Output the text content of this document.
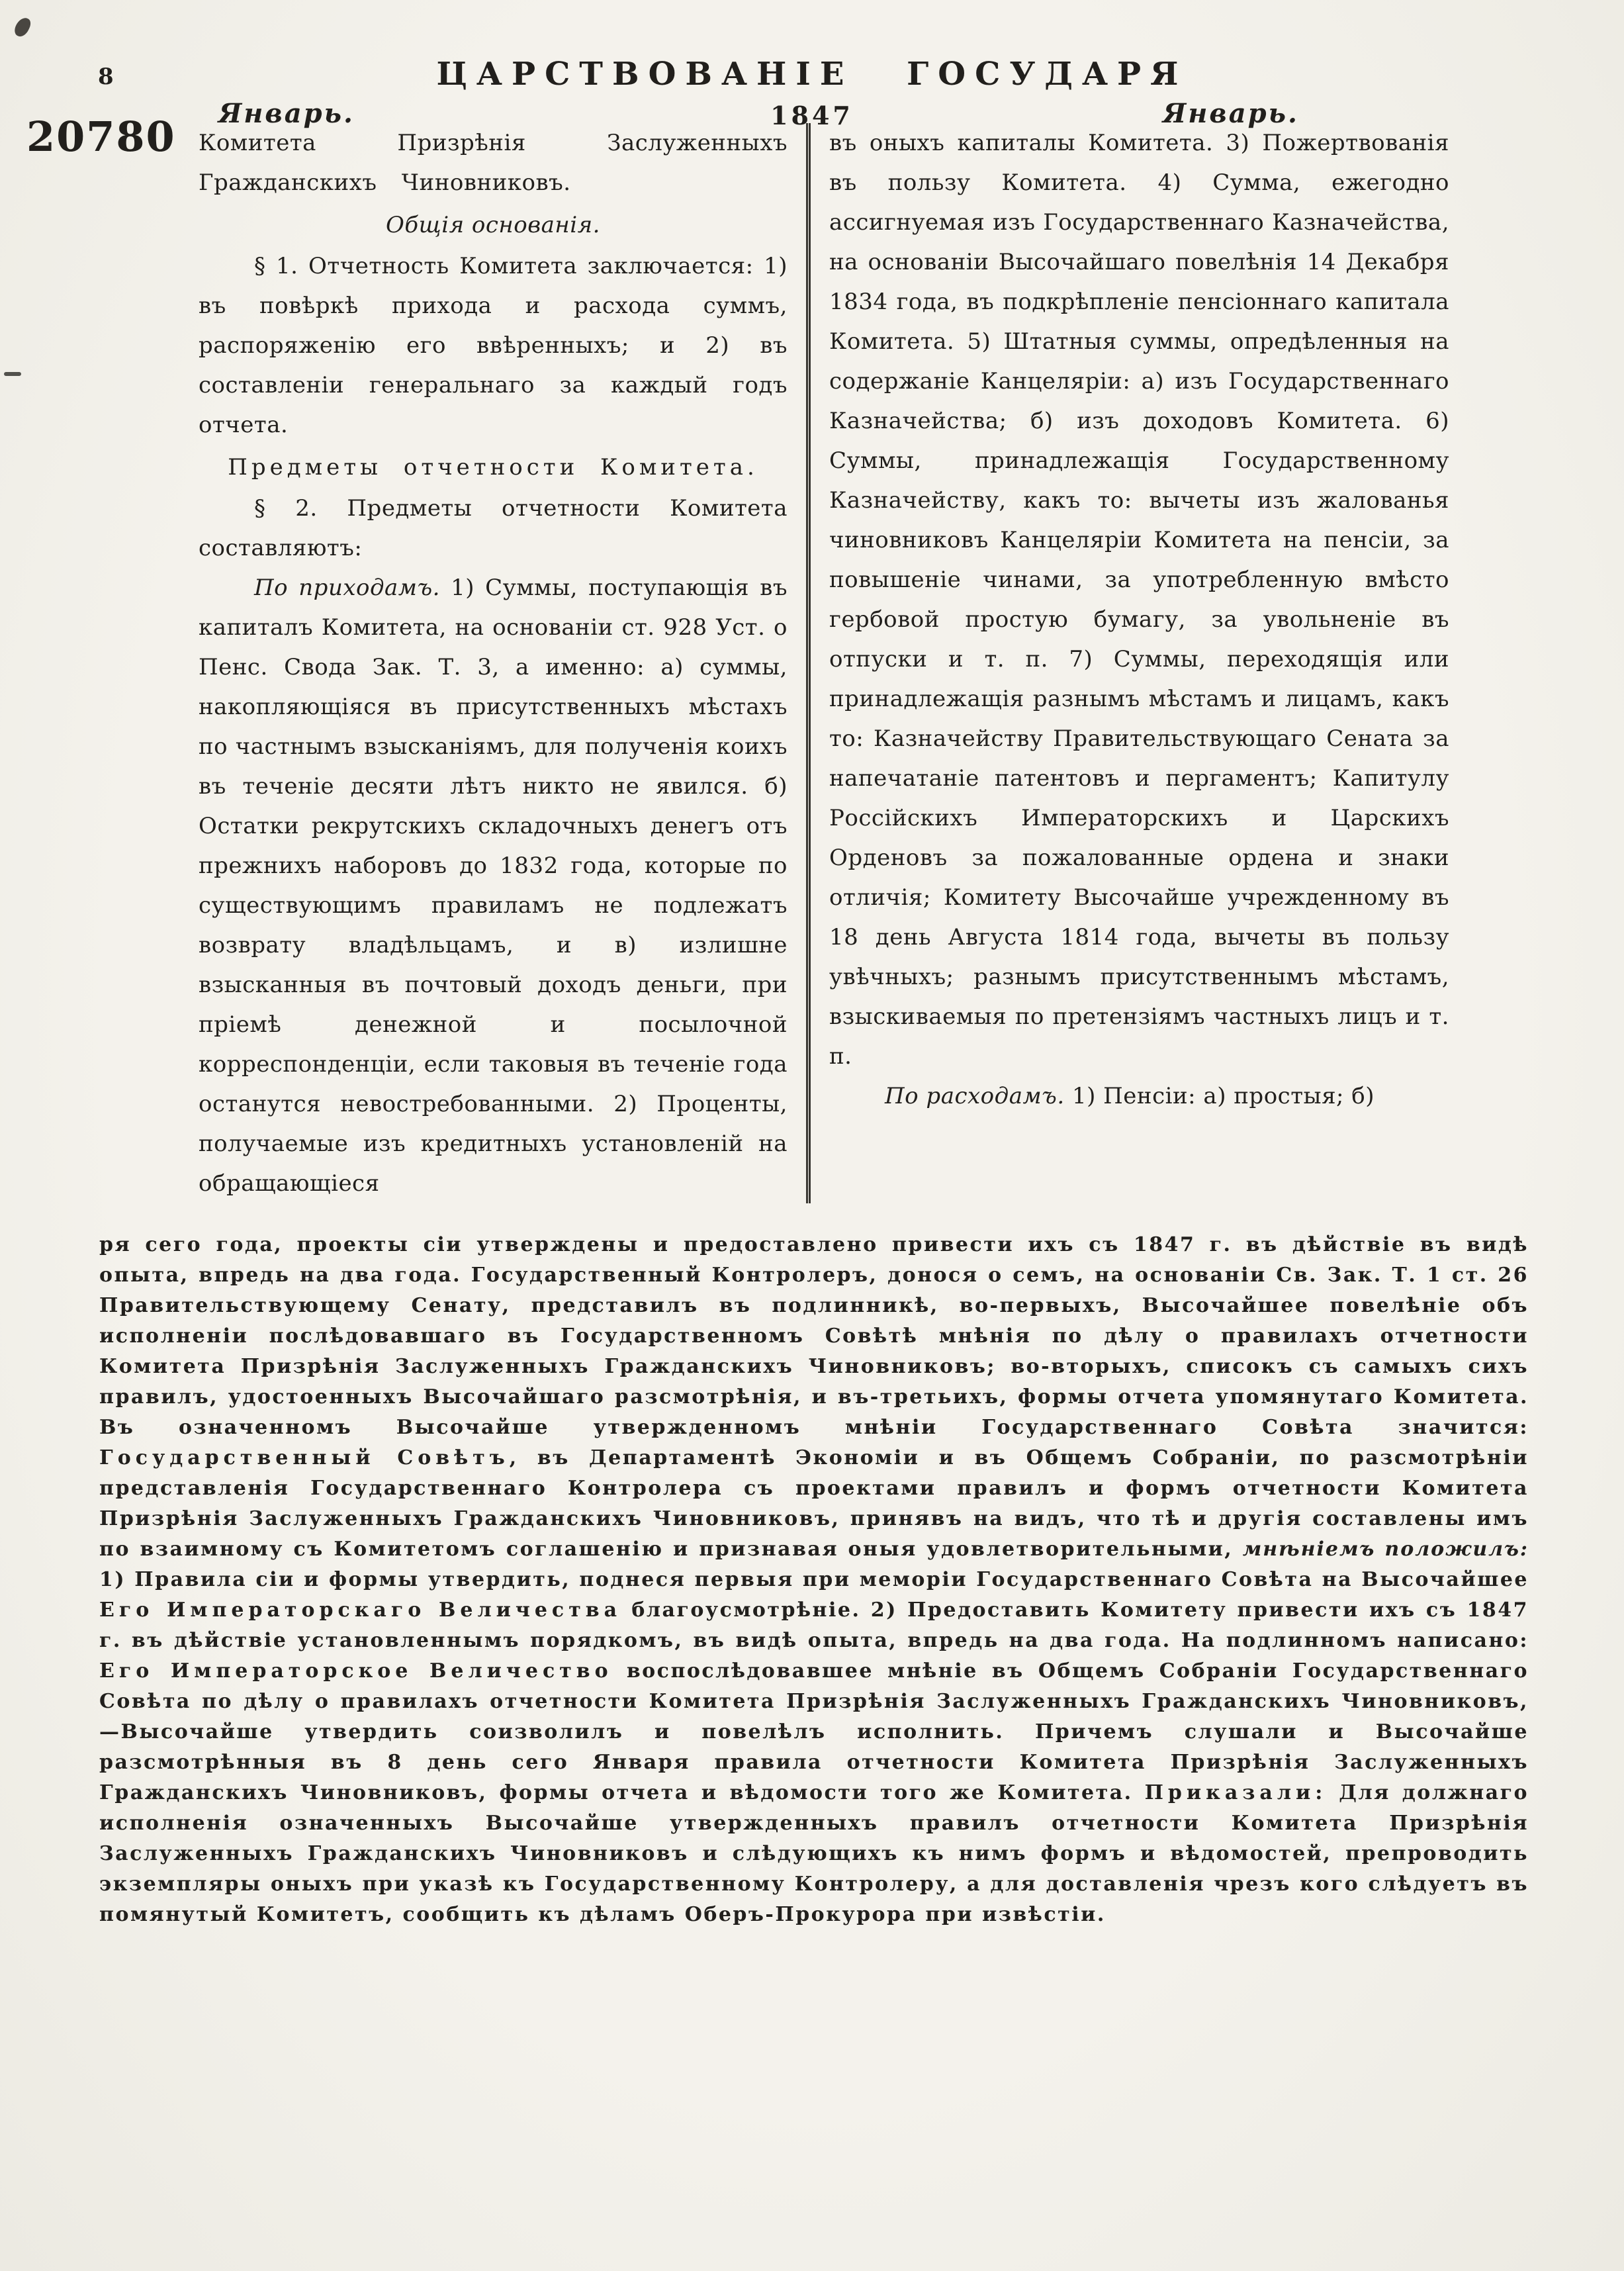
8	ЦАРСТВОВАНІЕ ГОСУДАРЯ
Январь.	1847	Январь.
20780 Комитета Призрѣнія Заслуженныхъ Гражданскихъ Чиновниковъ.

Общія основанія.

§ 1. Отчетность Комитета заключается: 1) въ повѣркѣ прихода и расхода суммъ, распоряженію его ввѣренныхъ; и 2) въ составленіи генеральнаго за каждый годъ отчета.

Предметы отчетности Комитета.

§ 2. Предметы отчетности Комитета составляютъ:

По приходамъ. 1) Суммы, поступающія въ капиталъ Комитета, на основаніи ст. 928 Уст. о Пенс. Свода Зак. Т. 3, а именно: а) суммы, накопляющіяся въ присутственныхъ мѣстахъ по частнымъ взысканіямъ, для полученія коихъ въ теченіе десяти лѣтъ никто не явился. б) Остатки рекрутскихъ складочныхъ денегъ отъ прежнихъ наборовъ до 1832 года, которые по существующимъ правиламъ не подлежатъ возврату владѣльцамъ, и в) излишне взысканныя въ почтовый доходъ деньги, при пріемѣ денежной и посылочной корреспонденціи, если таковыя въ теченіе года останутся невостребованными. 2) Проценты, получаемые изъ кредитныхъ установленій на обращающіеся

въ оныхъ капиталы Комитета. 3) Пожертвованія въ пользу Комитета. 4) Сумма, ежегодно ассигнуемая изъ Государственнаго Казначейства, на основаніи Высочайшаго повелѣнія 14 Декабря 1834 года, въ подкрѣпленіе пенсіоннаго капитала Комитета. 5) Штатныя суммы, опредѣленныя на содержаніе Канцеляріи: а) изъ Государственнаго Казначейства; б) изъ доходовъ Комитета. 6) Суммы, принадлежащія Государственному Казначейству, какъ то: вычеты изъ жалованья чиновниковъ Канцеляріи Комитета на пенсіи, за повышеніе чинами, за употребленную вмѣсто гербовой простую бумагу, за увольненіе въ отпуски и т. п. 7) Суммы, переходящія или принадлежащія разнымъ мѣстамъ и лицамъ, какъ то: Казначейству Правительствующаго Сената за напечатаніе патентовъ и пергаментъ; Капитулу Россійскихъ Императорскихъ и Царскихъ Орденовъ за пожалованные ордена и знаки отличія; Комитету Высочайше учрежденному въ 18 день Августа 1814 года, вычеты въ пользу увѣчныхъ; разнымъ присутственнымъ мѣстамъ, взыскиваемыя по претензіямъ частныхъ лицъ и т. п.

По расходамъ. 1) Пенсіи: а) простыя; б)

ря сего года, проекты сіи утверждены и предоставлено привести ихъ съ 1847 г. въ дѣйствіе въ видѣ опыта, впредь на два года. Государственный Контролеръ, донося о семъ, на основаніи Св. Зак. Т. 1 ст. 26 Правительствующему Сенату, представилъ въ подлинникѣ, во-первыхъ, Высочайшее повелѣніе объ исполненіи послѣдовавшаго въ Государственномъ Совѣтѣ мнѣнія по дѣлу о правилахъ отчетности Комитета Призрѣнія Заслуженныхъ Гражданскихъ Чиновниковъ; во-вторыхъ, списокъ съ самыхъ сихъ правилъ, удостоенныхъ Высочайшаго разсмотрѣнія, и въ-третьихъ, формы отчета упомянутаго Комитета. Въ означенномъ Высочайше утвержденномъ мнѣніи Государственнаго Совѣта значится: Государственный Совѣтъ, въ Департаментѣ Экономіи и въ Общемъ Собраніи, по разсмотрѣніи представленія Государственнаго Контролера съ проектами правилъ и формъ отчетности Комитета Призрѣнія Заслуженныхъ Гражданскихъ Чиновниковъ, принявъ на видъ, что тѣ и другія составлены имъ по взаимному съ Комитетомъ соглашенію и признавая оныя удовлетворительными, мнѣніемъ положилъ: 1) Правила сіи и формы утвердить, поднеся первыя при меморіи Государственнаго Совѣта на Высочайшее Его Императорскаго Величества благоусмотрѣніе. 2) Предоставить Комитету привести ихъ съ 1847 г. въ дѣйствіе установленнымъ порядкомъ, въ видѣ опыта, впредь на два года. На подлинномъ написано: Его Императорское Величество воспослѣдовавшее мнѣніе въ Общемъ Собраніи Государственнаго Совѣта по дѣлу о правилахъ отчетности Комитета Призрѣнія Заслуженныхъ Гражданскихъ Чиновниковъ,—Высочайше утвердить соизволилъ и повелѣлъ исполнить. Причемъ слушали и Высочайше разсмотрѣнныя въ 8 день сего Января правила отчетности Комитета Призрѣнія Заслуженныхъ Гражданскихъ Чиновниковъ, формы отчета и вѣдомости того же Комитета. Приказали: Для должнаго исполненія означенныхъ Высочайше утвержденныхъ правилъ отчетности Комитета Призрѣнія Заслуженныхъ Гражданскихъ Чиновниковъ и слѣдующихъ къ нимъ формъ и вѣдомостей, препроводить экземпляры оныхъ при указѣ къ Государственному Контролеру, а для доставленія чрезъ кого слѣдуетъ въ помянутый Комитетъ, сообщить къ дѣламъ Оберъ-Прокурора при извѣстіи.
